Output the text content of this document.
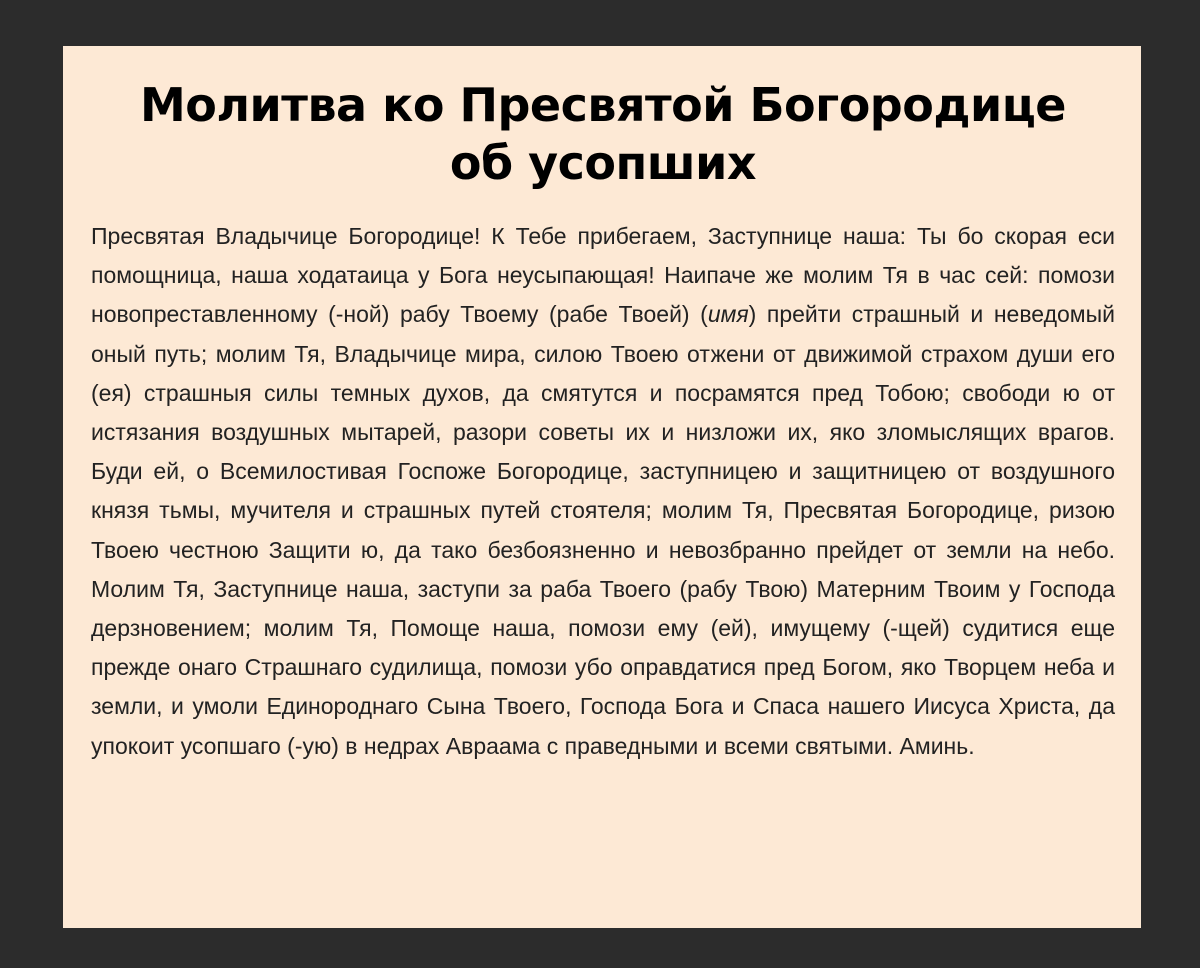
Молитва ко Пресвятой Богородице
об усопших

Пресвятая Владычице Богородице! К Тебе прибегаем, Заступнице наша: Ты бо скорая еси помощница, наша ходатаица у Бога неусыпающая! Наипаче же молим Тя в час сей: помози новопреставленному (-ной) рабу Твоему (рабе Твоей) (имя) прейти страшный и неведомый оный путь; молим Тя, Владычице мира, силою Твоею отжени от движимой страхом души его (ея) страшныя силы темных духов, да смятутся и посрамятся пред Тобою; свободи ю от истязания воздушных мытарей, разори советы их и низложи их, яко зломыслящих врагов. Буди ей, о Всемилостивая Госпоже Богородице, заступницею и защитницею от воздушного князя тьмы, мучителя и страшных путей стоятеля; молим Тя, Пресвятая Богородице, ризою Твоею честною Защити ю, да тако безбоязненно и невозбранно прейдет от земли на небо. Молим Тя, Заступнице наша, заступи за раба Твоего (рабу Твою) Матерним Твоим у Господа дерзновением; молим Тя, Помоще наша, помози ему (ей), имущему (-щей) судитися еще прежде онаго Страшнаго судилища, помози убо оправдатися пред Богом, яко Творцем неба и земли, и умоли Единороднаго Сына Твоего, Господа Бога и Спаса нашего Иисуса Христа, да упокоит усопшаго (-ую) в недрах Авраама с праведными и всеми святыми. Аминь.
